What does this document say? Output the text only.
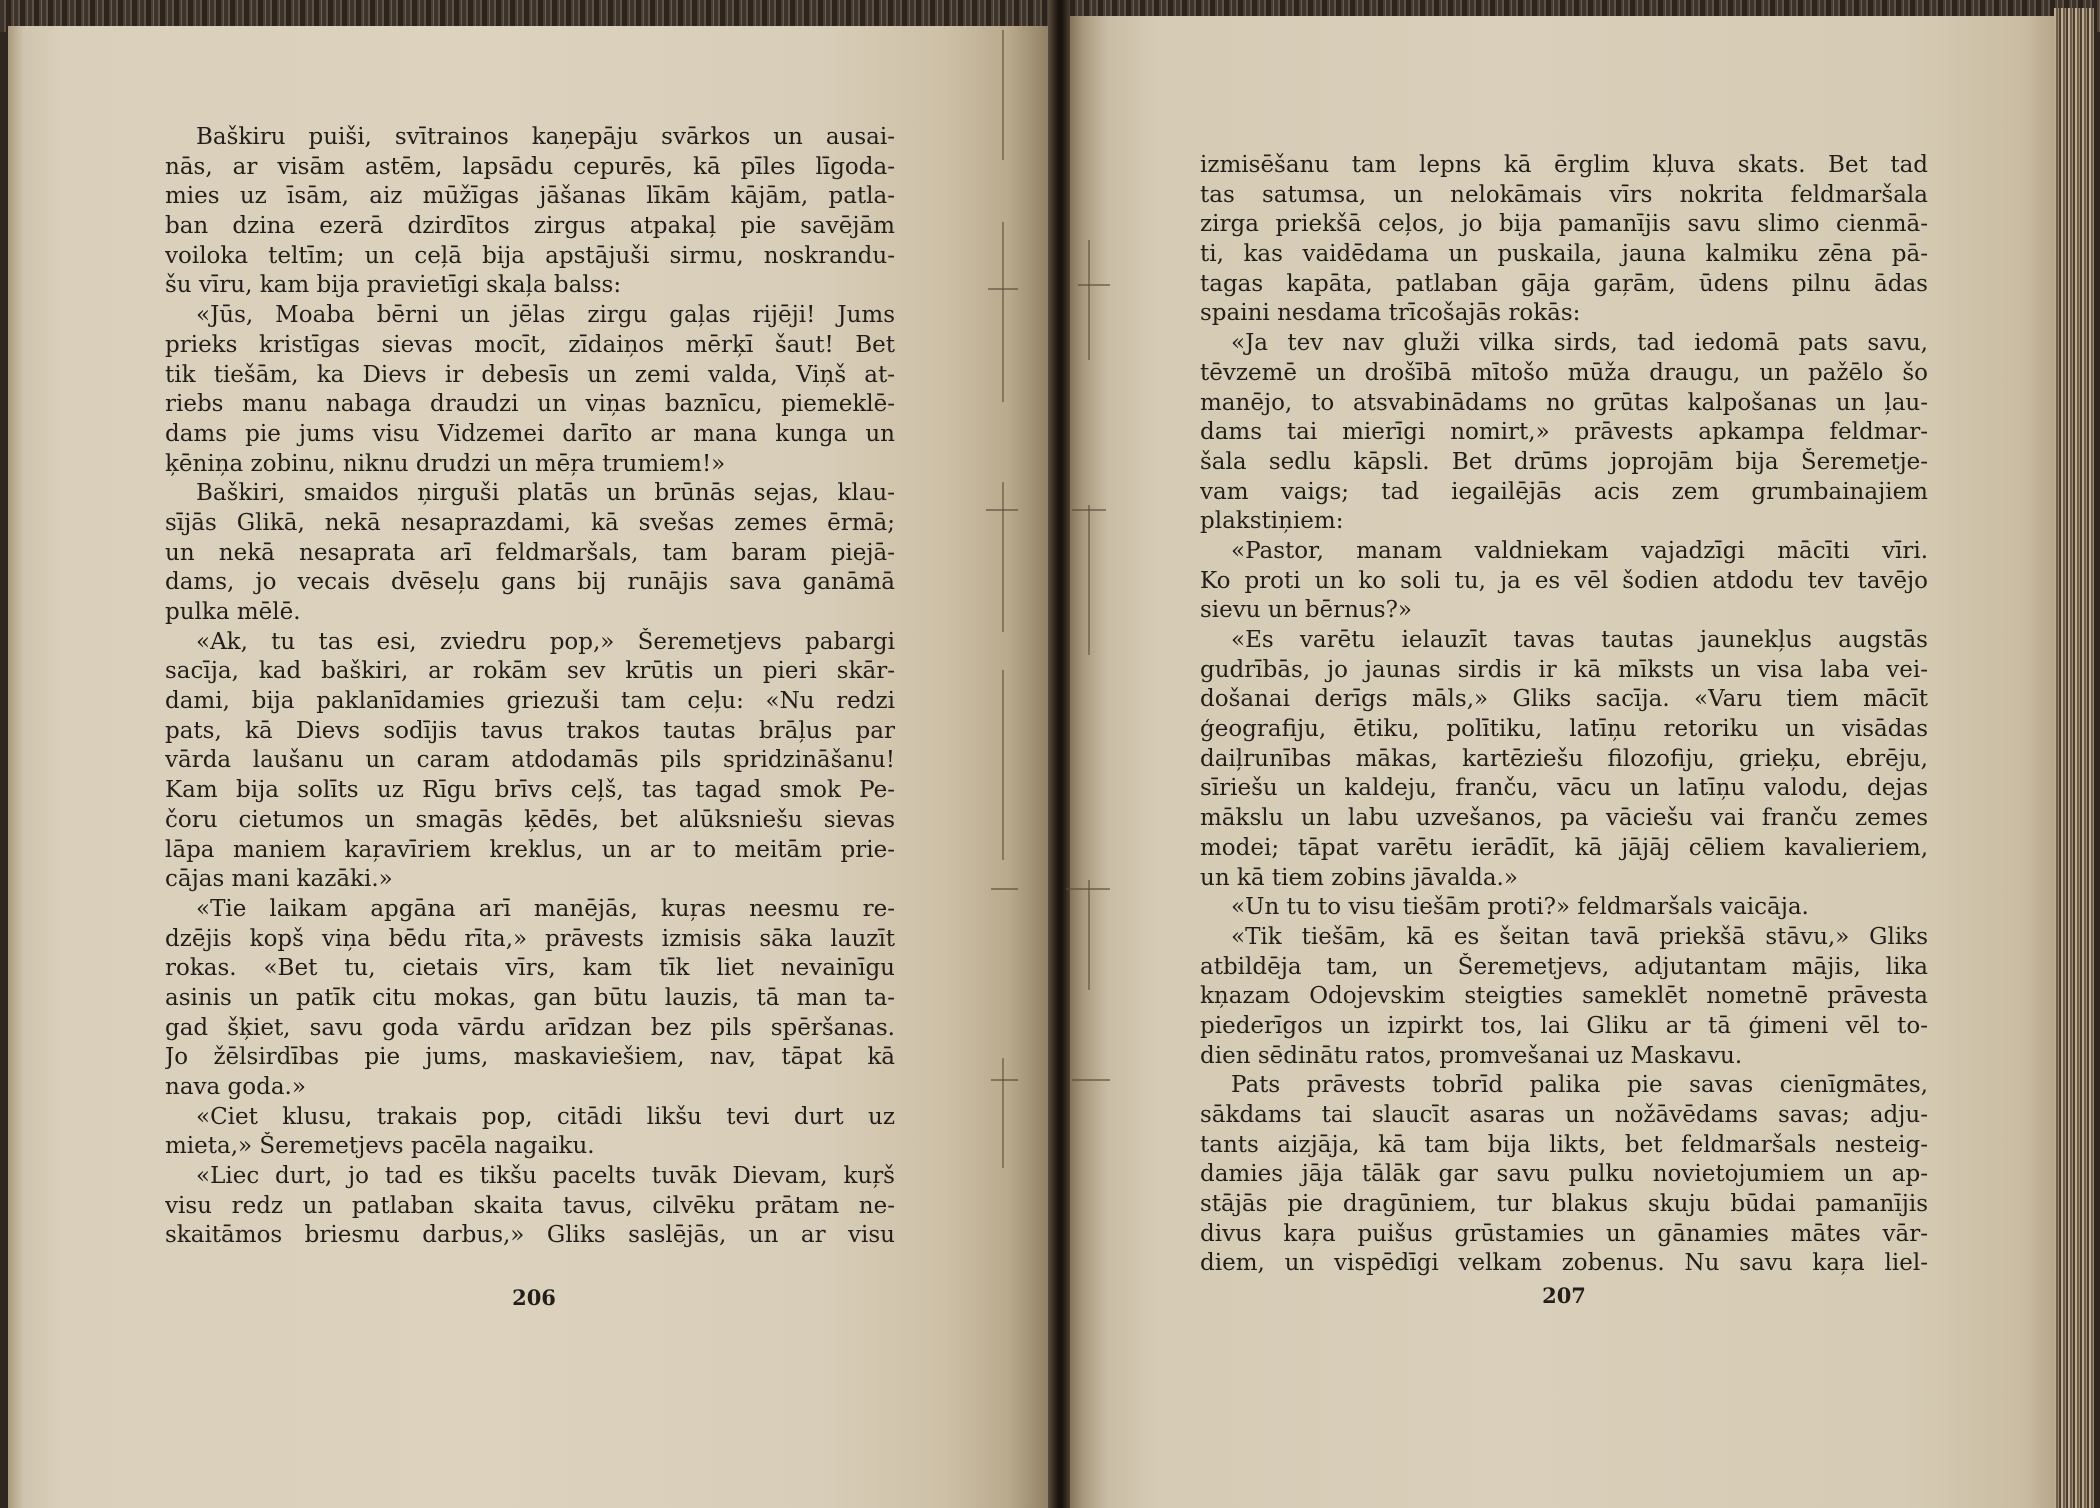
Baškiru puiši, svītrainos kaņepāju svārkos un ausai-
nās, ar visām astēm, lapsādu cepurēs, kā pīles līgoda-
mies uz īsām, aiz mūžīgas jāšanas līkām kājām, patla-
ban dzina ezerā dzirdītos zirgus atpakaļ pie savējām
voiloka teltīm; un ceļā bija apstājuši sirmu, noskrandu-
šu vīru, kam bija pravietīgi skaļa balss:
«Jūs, Moaba bērni un jēlas zirgu gaļas rijēji! Jums
prieks kristīgas sievas mocīt, zīdaiņos mērķī šaut! Bet
tik tiešām, ka Dievs ir debesīs un zemi valda, Viņš at-
riebs manu nabaga draudzi un viņas baznīcu, piemeklē-
dams pie jums visu Vidzemei darīto ar mana kunga un
ķēniņa zobinu, niknu drudzi un mēŗa trumiem!»
Baškiri, smaidos ņirguši platās un brūnās sejas, klau-
sījās Glikā, nekā nesaprazdami, kā svešas zemes ērmā;
un nekā nesaprata arī feldmaršals, tam baram piejā-
dams, jo vecais dvēseļu gans bij runājis sava ganāmā
pulka mēlē.
«Ak, tu tas esi, zviedru pop,» Šeremetjevs pabargi
sacīja, kad baškiri, ar rokām sev krūtis un pieri skār-
dami, bija paklanīdamies griezuši tam ceļu: «Nu redzi
pats, kā Dievs sodījis tavus trakos tautas brāļus par
vārda laušanu un caram atdodamās pils spridzināšanu!
Kam bija solīts uz Rīgu brīvs ceļš, tas tagad smok Pe-
čoru cietumos un smagās ķēdēs, bet alūksniešu sievas
lāpa maniem kaŗavīriem kreklus, un ar to meitām prie-
cājas mani kazāki.»
«Tie laikam apgāna arī manējās, kuŗas neesmu re-
dzējis kopš viņa bēdu rīta,» prāvests izmisis sāka lauzīt
rokas. «Bet tu, cietais vīrs, kam tīk liet nevainīgu
asinis un patīk citu mokas, gan būtu lauzis, tā man ta-
gad šķiet, savu goda vārdu arīdzan bez pils spēršanas.
Jo žēlsirdības pie jums, maskaviešiem, nav, tāpat kā
nava goda.»
«Ciet klusu, trakais pop, citādi likšu tevi durt uz
mieta,» Šeremetjevs pacēla nagaiku.
«Liec durt, jo tad es tikšu pacelts tuvāk Dievam, kuŗš
visu redz un patlaban skaita tavus, cilvēku prātam ne-
skaitāmos briesmu darbus,» Gliks saslējās, un ar visu
206
izmisēšanu tam lepns kā ērglim kļuva skats. Bet tad
tas satumsa, un nelokāmais vīrs nokrita feldmaršala
zirga priekšā ceļos, jo bija pamanījis savu slimo cienmā-
ti, kas vaidēdama un puskaila, jauna kalmiku zēna pā-
tagas kapāta, patlaban gāja gaŗām, ūdens pilnu ādas
spaini nesdama trīcošajās rokās:
«Ja tev nav gluži vilka sirds, tad iedomā pats savu,
tēvzemē un drošībā mītošo mūža draugu, un pažēlo šo
manējo, to atsvabinādams no grūtas kalpošanas un ļau-
dams tai mierīgi nomirt,» prāvests apkampa feldmar-
šala sedlu kāpsli. Bet drūms joprojām bija Šeremetje-
vam vaigs; tad iegailējās acis zem grumbainajiem
plakstiņiem:
«Pastor, manam valdniekam vajadzīgi mācīti vīri.
Ko proti un ko soli tu, ja es vēl šodien atdodu tev tavējo
sievu un bērnus?»
«Es varētu ielauzīt tavas tautas jaunekļus augstās
gudrībās, jo jaunas sirdis ir kā mīksts un visa laba vei-
došanai derīgs māls,» Gliks sacīja. «Varu tiem mācīt
ģeografiju, ētiku, polītiku, latīņu retoriku un visādas
daiļrunības mākas, kartēziešu filozofiju, grieķu, ebrēju,
sīriešu un kaldeju, franču, vācu un latīņu valodu, dejas
mākslu un labu uzvešanos, pa vāciešu vai franču zemes
modei; tāpat varētu ierādīt, kā jājāj cēliem kavalieriem,
un kā tiem zobins jāvalda.»
«Un tu to visu tiešām proti?» feldmaršals vaicāja.
«Tik tiešām, kā es šeitan tavā priekšā stāvu,» Gliks
atbildēja tam, un Šeremetjevs, adjutantam mājis, lika
kņazam Odojevskim steigties sameklēt nometnē prāvesta
piederīgos un izpirkt tos, lai Gliku ar tā ģimeni vēl to-
dien sēdinātu ratos, promvešanai uz Maskavu.
Pats prāvests tobrīd palika pie savas cienīgmātes,
sākdams tai slaucīt asaras un nožāvēdams savas; adju-
tants aizjāja, kā tam bija likts, bet feldmaršals nesteig-
damies jāja tālāk gar savu pulku novietojumiem un ap-
stājās pie dragūniem, tur blakus skuju būdai pamanījis
divus kaŗa puišus grūstamies un gānamies mātes vār-
diem, un vispēdīgi velkam zobenus. Nu savu kaŗa liel-
207
